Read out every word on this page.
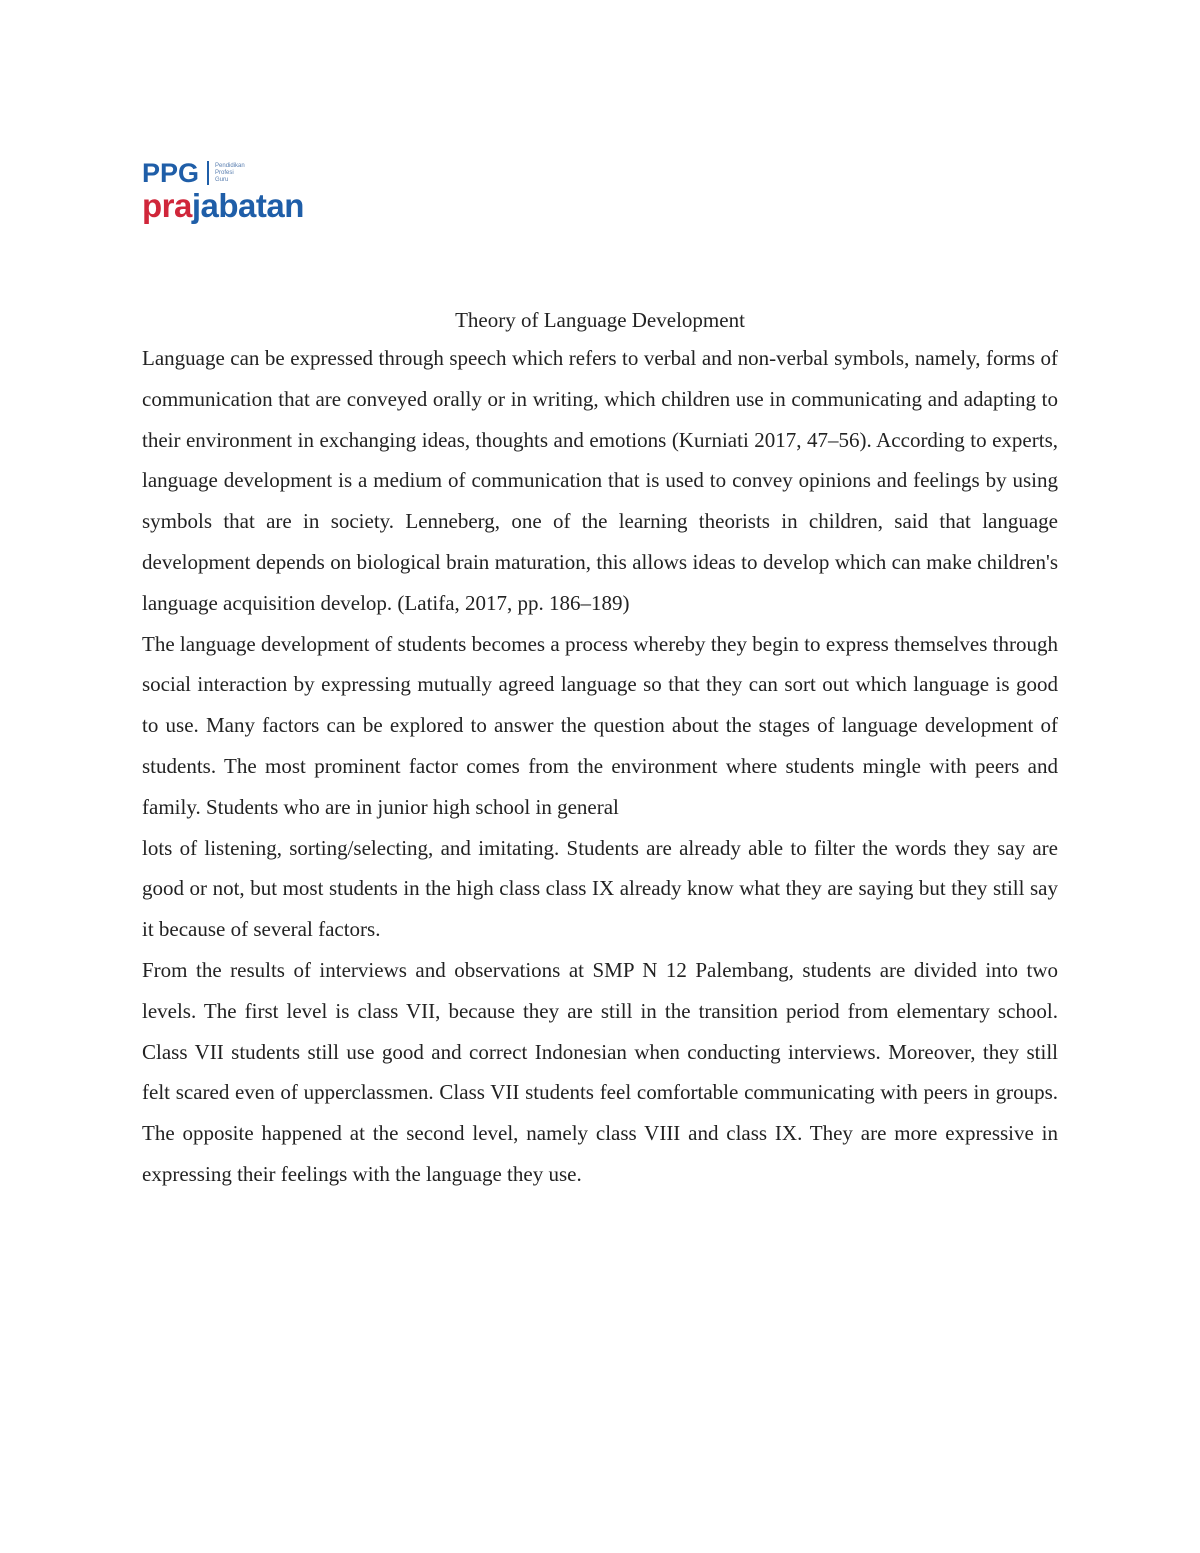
PPG	Pendidikan
Profesi
Guru
prajabatan
Theory of Language Development

Language can be expressed through speech which refers to verbal and non-verbal symbols, namely, forms of communication that are conveyed orally or in writing, which children use in communicating and adapting to their environment in exchanging ideas, thoughts and emotions (Kurniati 2017, 47–56). According to experts, language development is a medium of communication that is used to convey opinions and feelings by using symbols that are in society. Lenneberg, one of the learning theorists in children, said that language development depends on biological brain maturation, this allows ideas to develop which can make children's language acquisition develop. (Latifa, 2017, pp. 186–189)

The language development of students becomes a process whereby they begin to express themselves through social interaction by expressing mutually agreed language so that they can sort out which language is good to use. Many factors can be explored to answer the question about the stages of language development of students. The most prominent factor comes from the environment where students mingle with peers and family. Students who are in junior high school in general

lots of listening, sorting/selecting, and imitating. Students are already able to filter the words they say are good or not, but most students in the high class class IX already know what they are saying but they still say it because of several factors.

From the results of interviews and observations at SMP N 12 Palembang, students are divided into two levels. The first level is class VII, because they are still in the transition period from elementary school. Class VII students still use good and correct Indonesian when conducting interviews. Moreover, they still felt scared even of upperclassmen. Class VII students feel comfortable communicating with peers in groups. The opposite happened at the second level, namely class VIII and class IX. They are more expressive in expressing their feelings with the language they use.
